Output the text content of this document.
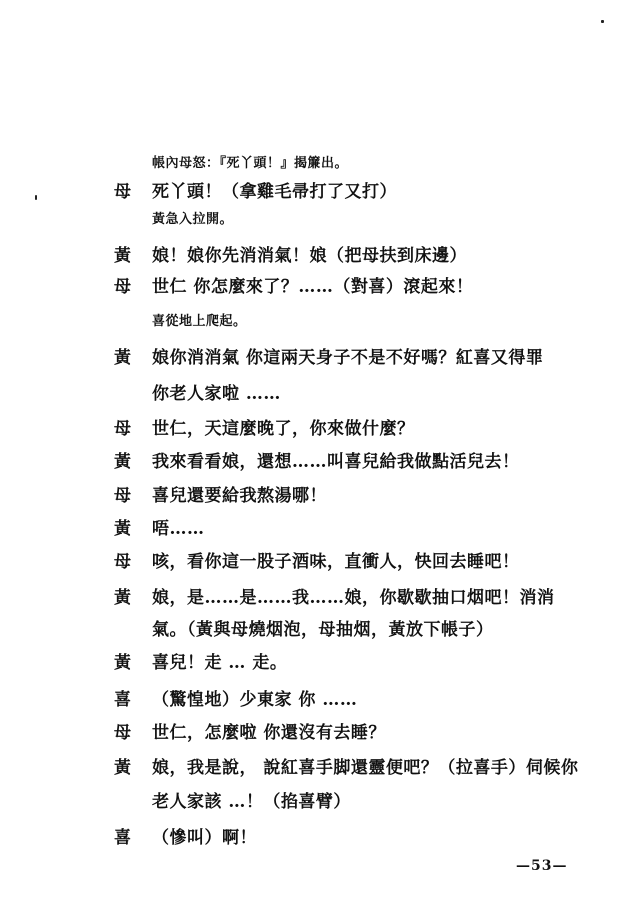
帳內母怒：『死丫頭！』揭簾出。
母	死丫頭！（拿雞毛帚打了又打）
黃急入拉開。
黃	娘！娘你先消消氣！娘（把母扶到床邊）
母	世仁 你怎麼來了？……（對喜）滾起來！
喜從地上爬起。
黃	娘你消消氣 你這兩天身子不是不好嗎？紅喜又得罪
你老人家啦 ……
母	世仁，天這麼晚了，你來做什麼？
黃	我來看看娘，還想……叫喜兒給我做點活兒去！
母	喜兒還要給我熬湯哪！
黃	唔……
母	咳，看你這一股子酒味，直衝人，快回去睡吧！
黃	娘，是……是……我……娘，你歇歇抽口烟吧！消消
氣。（黃與母燒烟泡，母抽烟，黃放下帳子）
黃	喜兒！走 … 走。
喜	（驚惶地）少東家 你 ……
母	世仁，怎麼啦 你還沒有去睡？
黃	娘，我是說， 說紅喜手脚還靈便吧？（拉喜手）伺候你
老人家該 …！（掐喜臂）
喜	（慘叫）啊！
—53—
